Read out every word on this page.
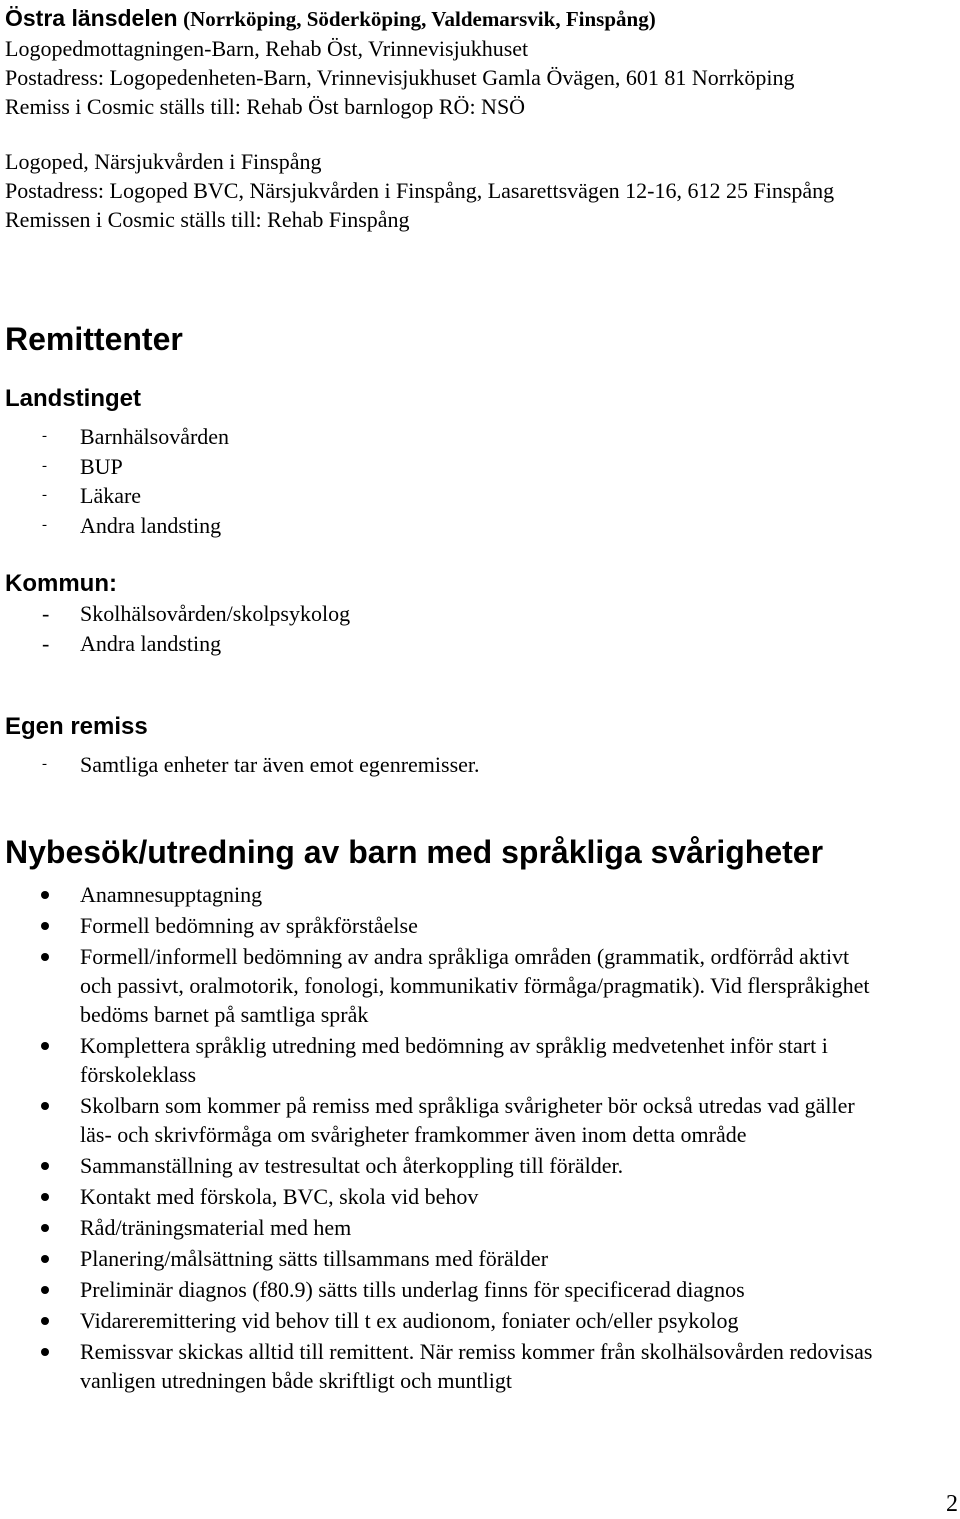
Östra länsdelen (Norrköping, Söderköping, Valdemarsvik, Finspång)
Logopedmottagningen-Barn, Rehab Öst, Vrinnevisjukhuset
Postadress: Logopedenheten-Barn, Vrinnevisjukhuset Gamla Övägen, 601 81 Norrköping
Remiss i Cosmic ställs till: Rehab Öst barnlogop RÖ: NSÖ
Logoped, Närsjukvården i Finspång
Postadress: Logoped BVC, Närsjukvården i Finspång, Lasarettsvägen 12-16, 612 25 Finspång
Remissen i Cosmic ställs till: Rehab Finspång
Remittenter
Landstinget
- Barnhälsovården
- BUP
- Läkare
- Andra landsting
Kommun:
- Skolhälsovården/skolpsykolog
- Andra landsting
Egen remiss
- Samtliga enheter tar även emot egenremisser.
Nybesök/utredning av barn med språkliga svårigheter
Anamnesupptagning
Formell bedömning av språkförståelse
Formell/informell bedömning av andra språkliga områden (grammatik, ordförråd aktivt och passivt, oralmotorik, fonologi, kommunikativ förmåga/pragmatik). Vid flerspråkighet bedöms barnet på samtliga språk
Komplettera språklig utredning med bedömning av språklig medvetenhet inför start i förskoleklass
Skolbarn som kommer på remiss med språkliga svårigheter bör också utredas vad gäller läs- och skrivförmåga om svårigheter framkommer även inom detta område
Sammanställning av testresultat och återkoppling till förälder.
Kontakt med förskola, BVC, skola vid behov
Råd/träningsmaterial med hem
Planering/målsättning sätts tillsammans med förälder
Preliminär diagnos (f80.9) sätts tills underlag finns för specificerad diagnos
Vidareremittering vid behov till t ex audionom, foniater och/eller psykolog
Remissvar skickas alltid till remittent. När remiss kommer från skolhälsovården redovisas vanligen utredningen både skriftligt och muntligt
2
